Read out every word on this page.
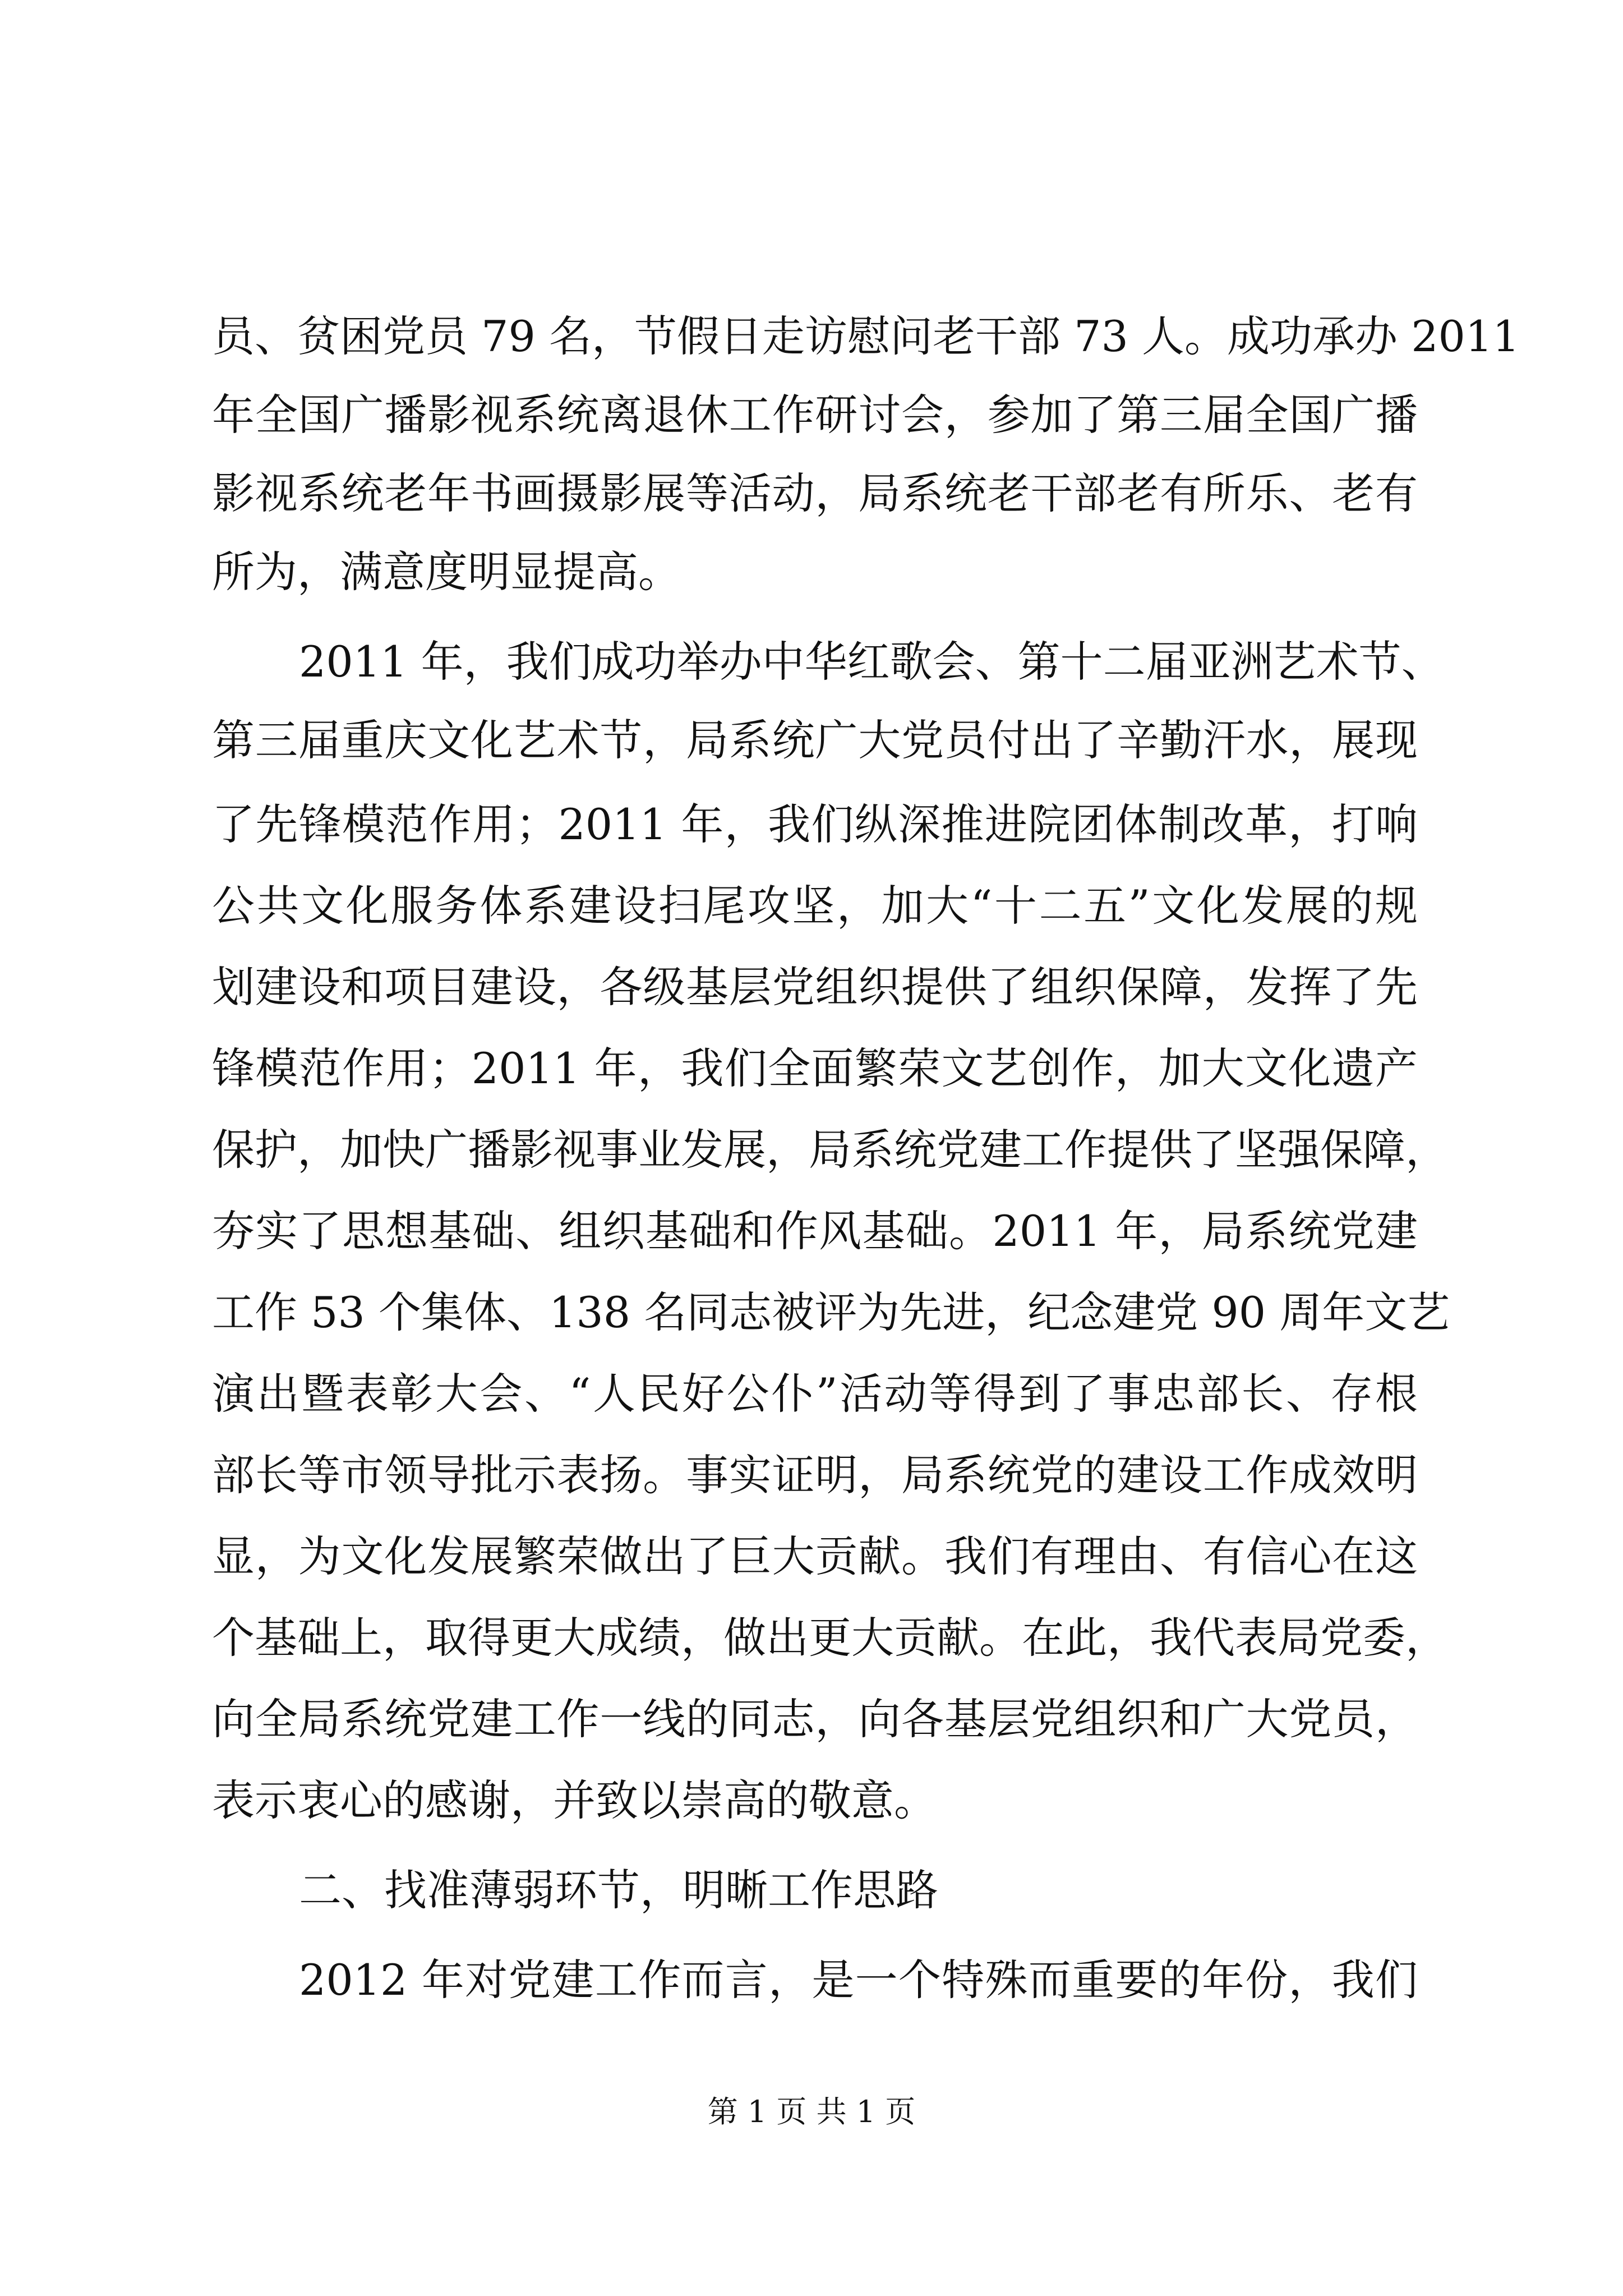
员、贫困党员 79 名，节假日走访慰问老干部 73 人。成功承办 2011
年全国广播影视系统离退休工作研讨会，参加了第三届全国广播
影视系统老年书画摄影展等活动，局系统老干部老有所乐、老有
所为，满意度明显提高。
2011 年，我们成功举办中华红歌会、第十二届亚洲艺术节、
第三届重庆文化艺术节，局系统广大党员付出了辛勤汗水，展现
了先锋模范作用；2011 年，我们纵深推进院团体制改革，打响
公共文化服务体系建设扫尾攻坚，加大“十二五”文化发展的规
划建设和项目建设，各级基层党组织提供了组织保障，发挥了先
锋模范作用；2011 年，我们全面繁荣文艺创作，加大文化遗产
保护，加快广播影视事业发展，局系统党建工作提供了坚强保障，
夯实了思想基础、组织基础和作风基础。2011 年，局系统党建
工作 53 个集体、138 名同志被评为先进，纪念建党 90 周年文艺
演出暨表彰大会、“人民好公仆”活动等得到了事忠部长、存根
部长等市领导批示表扬。事实证明，局系统党的建设工作成效明
显，为文化发展繁荣做出了巨大贡献。我们有理由、有信心在这
个基础上，取得更大成绩，做出更大贡献。在此，我代表局党委，
向全局系统党建工作一线的同志，向各基层党组织和广大党员，
表示衷心的感谢，并致以崇高的敬意。
二、找准薄弱环节，明晰工作思路
2012 年对党建工作而言，是一个特殊而重要的年份，我们
第 1 页 共 1 页
